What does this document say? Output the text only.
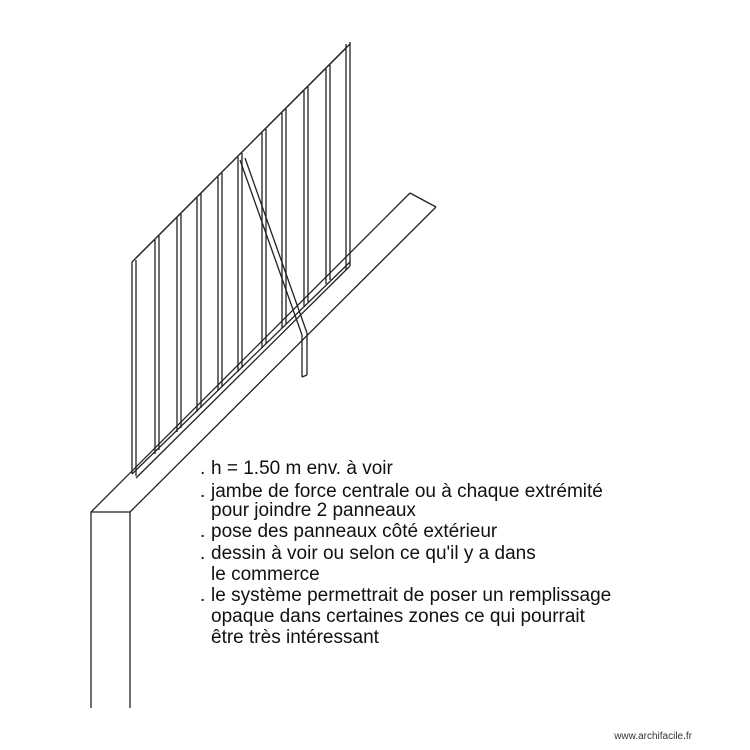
. h = 1.50 m env. à voir
. jambe de force centrale ou à chaque extrémité
pour joindre 2 panneaux
. pose des panneaux côté extérieur
. dessin à voir ou selon ce qu'il y a dans
le commerce
. le système permettrait de poser un remplissage
opaque dans certaines zones ce qui pourrait
être très intéressant
www.archifacile.fr
